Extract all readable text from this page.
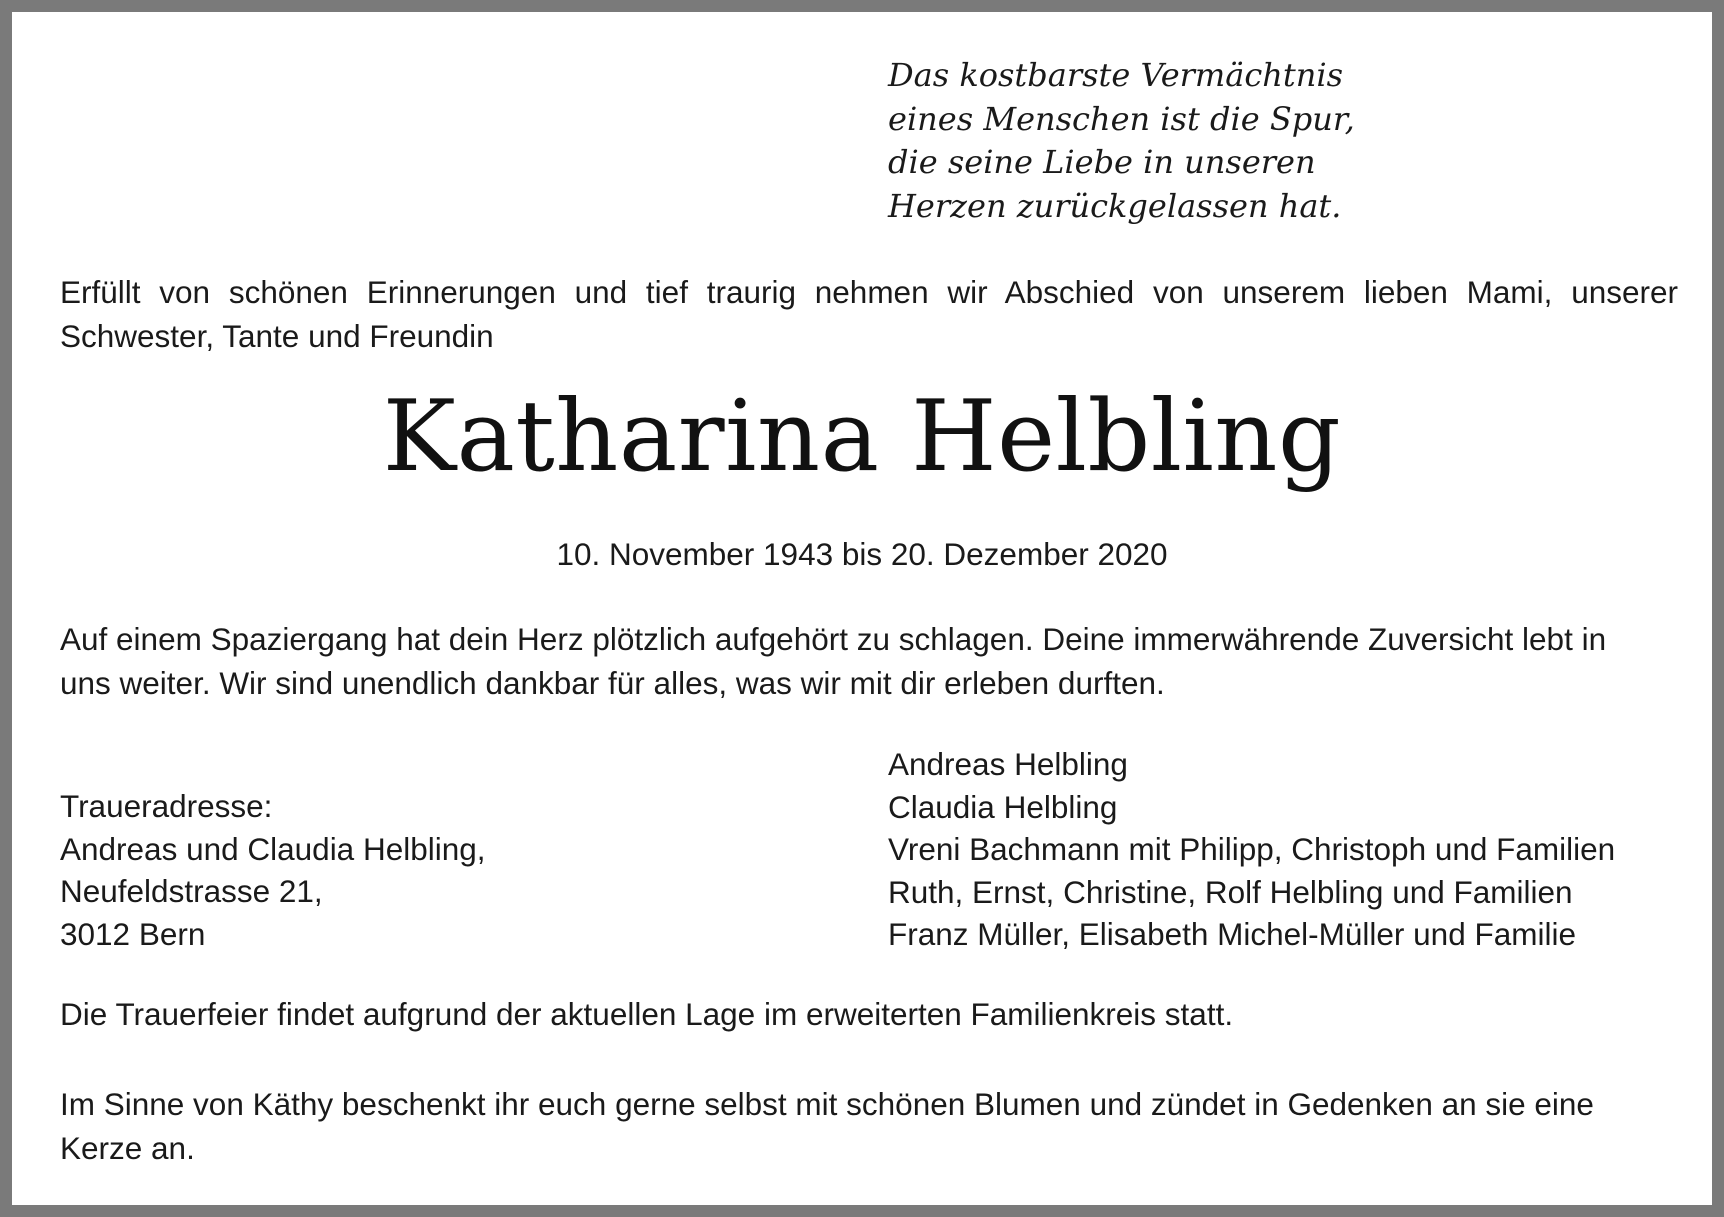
Das kostbarste Vermächtnis
eines Menschen ist die Spur,
die seine Liebe in unseren
Herzen zurückgelassen hat.
Erfüllt von schönen Erinnerungen und tief traurig nehmen wir Abschied von unserem lieben Mami, unserer
Schwester, Tante und Freundin
Katharina Helbling
10. November 1943 bis 20. Dezember 2020
Auf einem Spaziergang hat dein Herz plötzlich aufgehört zu schlagen. Deine immerwährende Zuversicht lebt in
uns weiter. Wir sind unendlich dankbar für alles, was wir mit dir erleben durften.
Traueradresse:
Andreas und Claudia Helbling,
Neufeldstrasse 21,
3012 Bern
Andreas Helbling
Claudia Helbling
Vreni Bachmann mit Philipp, Christoph und Familien
Ruth, Ernst, Christine, Rolf Helbling und Familien
Franz Müller, Elisabeth Michel-Müller und Familie
Die Trauerfeier findet aufgrund der aktuellen Lage im erweiterten Familienkreis statt.
Im Sinne von Käthy beschenkt ihr euch gerne selbst mit schönen Blumen und zündet in Gedenken an sie eine
Kerze an.
